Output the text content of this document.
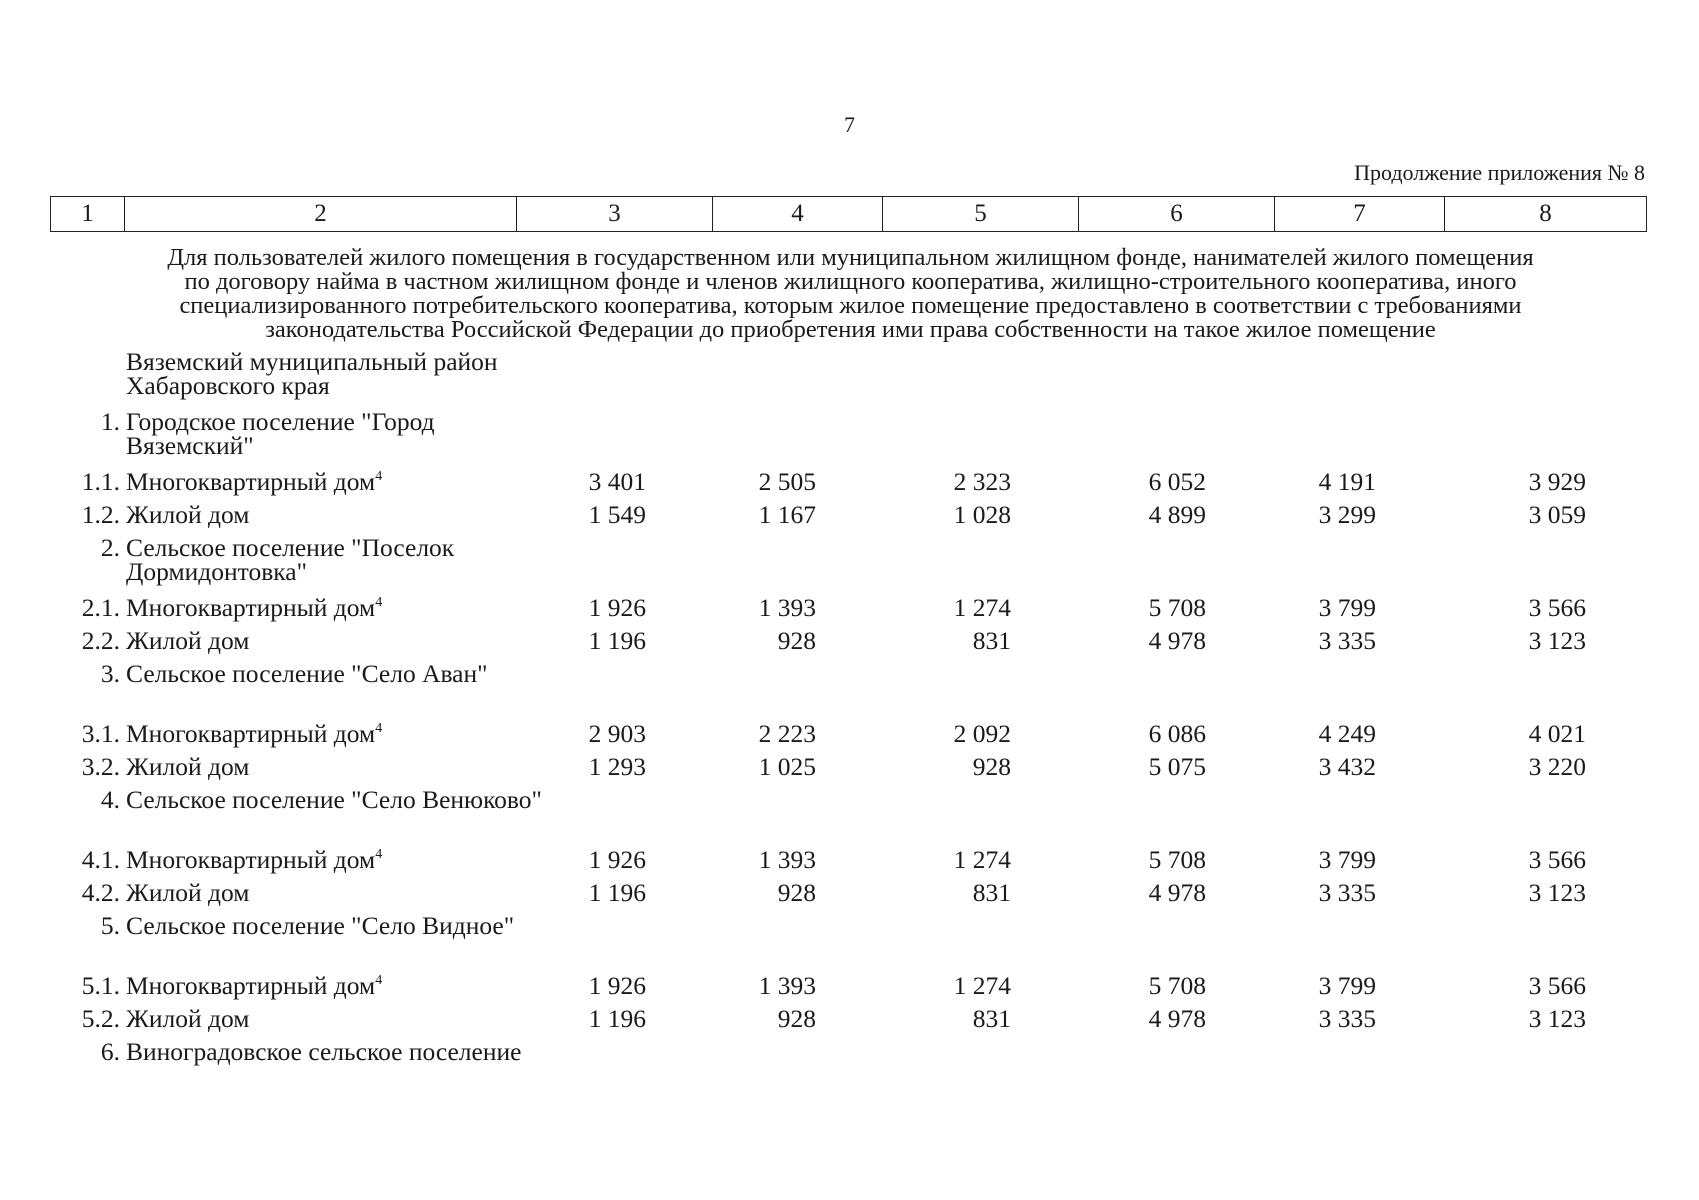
7
Продолжение приложения № 8
1	2	3	4	5	6	7	8
Для пользователей жилого помещения в государственном или муниципальном жилищном фонде, нанимателей жилого помещения
по договору найма в частном жилищном фонде и членов жилищного кооператива, жилищно-строительного кооператива, иного
специализированного потребительского кооператива, которым жилое помещение предоставлено в соответствии с требованиями
законодательства Российской Федерации до приобретения ими права собственности на такое жилое помещение
Вяземский муниципальный район Хабаровского края
1. Городское поселение "Город Вяземский"
1.1. Многоквартирный дом$^4$	3 401	2 505	2 323	6 052	4 191	3 929
1.2. Жилой дом	1 549	1 167	1 028	4 899	3 299	3 059
2. Сельское поселение "Поселок Дормидонтовка"
2.1. Многоквартирный дом$^4$	1 926	1 393	1 274	5 708	3 799	3 566
2.2. Жилой дом	1 196	928	831	4 978	3 335	3 123
3. Сельское поселение "Село Аван"
3.1. Многоквартирный дом$^4$	2 903	2 223	2 092	6 086	4 249	4 021
3.2. Жилой дом	1 293	1 025	928	5 075	3 432	3 220
4. Сельское поселение "Село Венюково"
4.1. Многоквартирный дом$^4$	1 926	1 393	1 274	5 708	3 799	3 566
4.2. Жилой дом	1 196	928	831	4 978	3 335	3 123
5. Сельское поселение "Село Видное"
5.1. Многоквартирный дом$^4$	1 926	1 393	1 274	5 708	3 799	3 566
5.2. Жилой дом	1 196	928	831	4 978	3 335	3 123
6. Виноградовское сельское поселение
